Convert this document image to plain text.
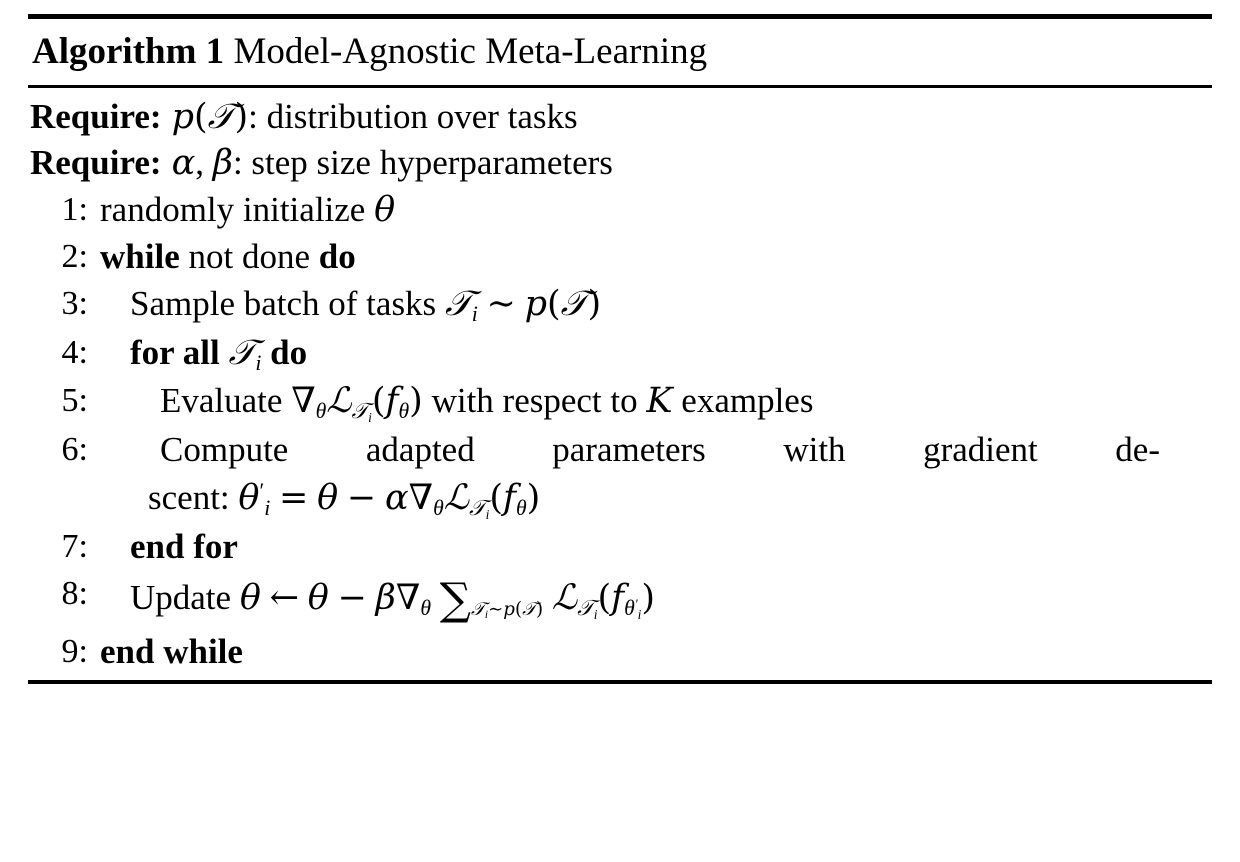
Algorithm 1 Model-Agnostic Meta-Learning
Require: p(𝒯): distribution over tasks
Require: α, β: step size hyperparameters
1: randomly initialize θ
2: while not done do
3:	Sample batch of tasks 𝒯$_i$ ∼ p(𝒯)
4:	for all 𝒯$_i$ do
5:	Evaluate $\nabla_\theta ℒ_{𝒯_i}(f_\theta)$ with respect to K examples
6:	Compute adapted parameters with gradient de-
scent: $\theta'_i = \theta$ − $\alpha\nabla_\theta ℒ_{𝒯_i}(f_\theta)$
7:	end for
8:	Update θ ← $\theta - \beta\nabla_\theta$ ∑𝒯$_i$∼p(𝒯) $ℒ_{𝒯_i}(f_{\theta'_i})$
9: end while
